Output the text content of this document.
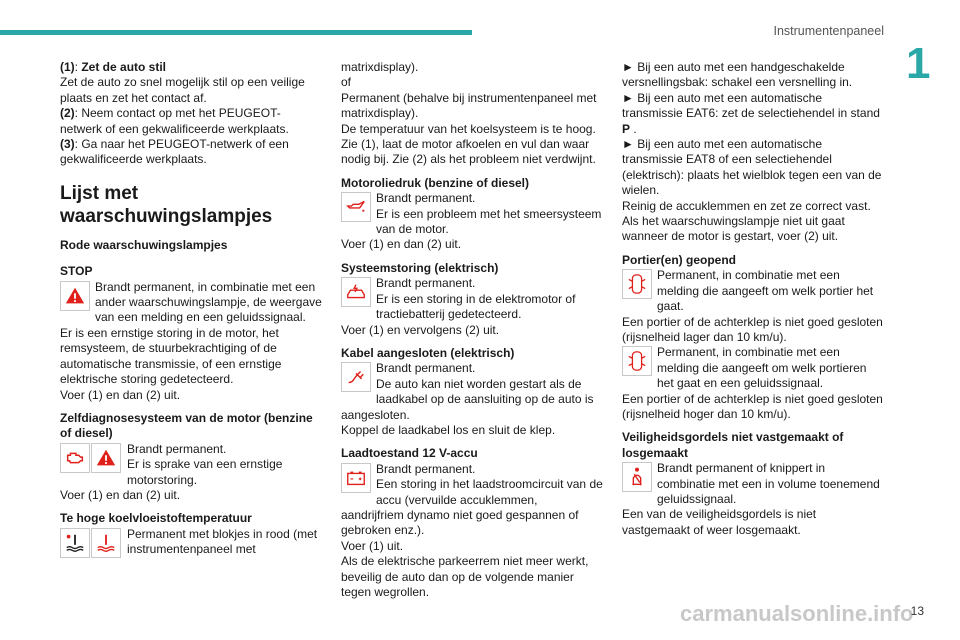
Instrumentenpaneel
1

(1): Zet de auto stil

Zet de auto zo snel mogelijk stil op een veilige plaats en zet het contact af.

(2): Neem contact op met het PEUGEOT-netwerk of een gekwalificeerde werkplaats.

(3): Ga naar het PEUGEOT-netwerk of een gekwalificeerde werkplaats.

Lijst met waarschuwingslampjes
Rode waarschuwingslampjes
STOP

Brandt permanent, in combinatie met een ander waarschuwingslampje, de weergave van een melding en een geluidssignaal.

Er is een ernstige storing in de motor, het remsysteem, de stuurbekrachtiging of de automatische transmissie, of een ernstige elektrische storing gedetecteerd.

Voer (1) en dan (2) uit.

Zelfdiagnosesysteem van de motor (benzine of diesel)

Brandt permanent.

Er is sprake van een ernstige motorstoring.

Voer (1) en dan (2) uit.

Te hoge koelvloeistoftemperatuur

Permanent met blokjes in rood (met instrumentenpaneel met

matrixdisplay).

of

Permanent (behalve bij instrumentenpaneel met matrixdisplay).

De temperatuur van het koelsysteem is te hoog.

Zie (1), laat de motor afkoelen en vul dan waar nodig bij. Zie (2) als het probleem niet verdwijnt.

Motoroliedruk (benzine of diesel)

Brandt permanent.

Er is een probleem met het smeersysteem van de motor.

Voer (1) en dan (2) uit.

Systeemstoring (elektrisch)

Brandt permanent.

Er is een storing in de elektromotor of tractiebatterij gedetecteerd.

Voer (1) en vervolgens (2) uit.

Kabel aangesloten (elektrisch)

Brandt permanent.

De auto kan niet worden gestart als de laadkabel op de aansluiting op de auto is aangesloten.

Koppel de laadkabel los en sluit de klep.

Laadtoestand 12 V-accu

Brandt permanent.

Een storing in het laadstroomcircuit van de accu (vervuilde accuklemmen, aandrijfriem dynamo niet goed gespannen of gebroken enz.).

Voer (1) uit.

Als de elektrische parkeerrem niet meer werkt, beveilig de auto dan op de volgende manier tegen wegrollen.

► Bij een auto met een handgeschakelde versnellingsbak: schakel een versnelling in.

► Bij een auto met een automatische transmissie EAT6: zet de selectiehendel in stand P .

► Bij een auto met een automatische transmissie EAT8 of een selectiehendel (elektrisch): plaats het wielblok tegen een van de wielen.

Reinig de accuklemmen en zet ze correct vast.

Als het waarschuwingslampje niet uit gaat wanneer de motor is gestart, voer (2) uit.

Portier(en) geopend

Permanent, in combinatie met een melding die aangeeft om welk portier het gaat.

Een portier of de achterklep is niet goed gesloten (rijsnelheid lager dan 10 km/u).

Permanent, in combinatie met een melding die aangeeft om welk portieren het gaat en een geluidssignaal.

Een portier of de achterklep is niet goed gesloten (rijsnelheid hoger dan 10 km/u).

Veiligheidsgordels niet vastgemaakt of losgemaakt

Brandt permanent of knippert in combinatie met een in volume toenemend geluidssignaal.

Een van de veiligheidsgordels is niet vastgemaakt of weer losgemaakt.

carmanualsonline.info
13
